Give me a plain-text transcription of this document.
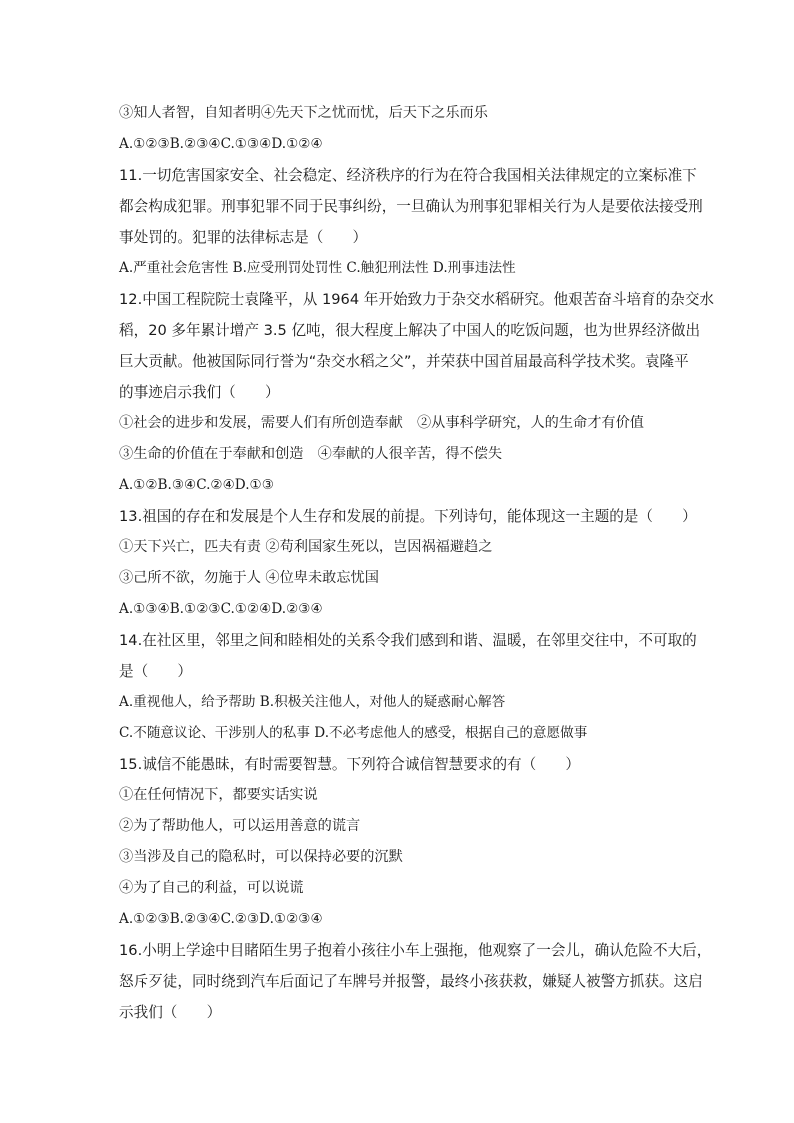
③知人者智，自知者明④先天下之忧而忧，后天下之乐而乐
A.①②③B.②③④C.①③④D.①②④
11.一切危害国家安全、社会稳定、经济秩序的行为在符合我国相关法律规定的立案标准下
都会构成犯罪。刑事犯罪不同于民事纠纷，一旦确认为刑事犯罪相关行为人是要依法接受刑
事处罚的。犯罪的法律标志是（　　）
A.严重社会危害性 B.应受刑罚处罚性 C.触犯刑法性 D.刑事违法性
12.中国工程院院士袁隆平，从 1964 年开始致力于杂交水稻研究。他艰苦奋斗培育的杂交水
稻，20 多年累计增产 3.5 亿吨，很大程度上解决了中国人的吃饭问题，也为世界经济做出
巨大贡献。他被国际同行誉为“杂交水稻之父”，并荣获中国首届最高科学技术奖。袁隆平
的事迹启示我们（　　）
①社会的进步和发展，需要人们有所创造奉献　②从事科学研究，人的生命才有价值
③生命的价值在于奉献和创造　④奉献的人很辛苦，得不偿失
A.①②B.③④C.②④D.①③
13.祖国的存在和发展是个人生存和发展的前提。下列诗句，能体现这一主题的是（　　）
①天下兴亡，匹夫有责 ②苟利国家生死以，岂因祸福避趋之
③己所不欲，勿施于人 ④位卑未敢忘忧国
A.①③④B.①②③C.①②④D.②③④
14.在社区里，邻里之间和睦相处的关系令我们感到和谐、温暖，在邻里交往中，不可取的
是（　　）
A.重视他人，给予帮助 B.积极关注他人，对他人的疑惑耐心解答
C.不随意议论、干涉别人的私事 D.不必考虑他人的感受，根据自己的意愿做事
15.诚信不能愚昧，有时需要智慧。下列符合诚信智慧要求的有（　　）
①在任何情况下，都要实话实说
②为了帮助他人，可以运用善意的谎言
③当涉及自己的隐私时，可以保持必要的沉默
④为了自己的利益，可以说谎
A.①②③B.②③④C.②③D.①②③④
16.小明上学途中目睹陌生男子抱着小孩往小车上强拖，他观察了一会儿，确认危险不大后，
怒斥歹徒，同时绕到汽车后面记了车牌号并报警，最终小孩获救，嫌疑人被警方抓获。这启
示我们（　　）
